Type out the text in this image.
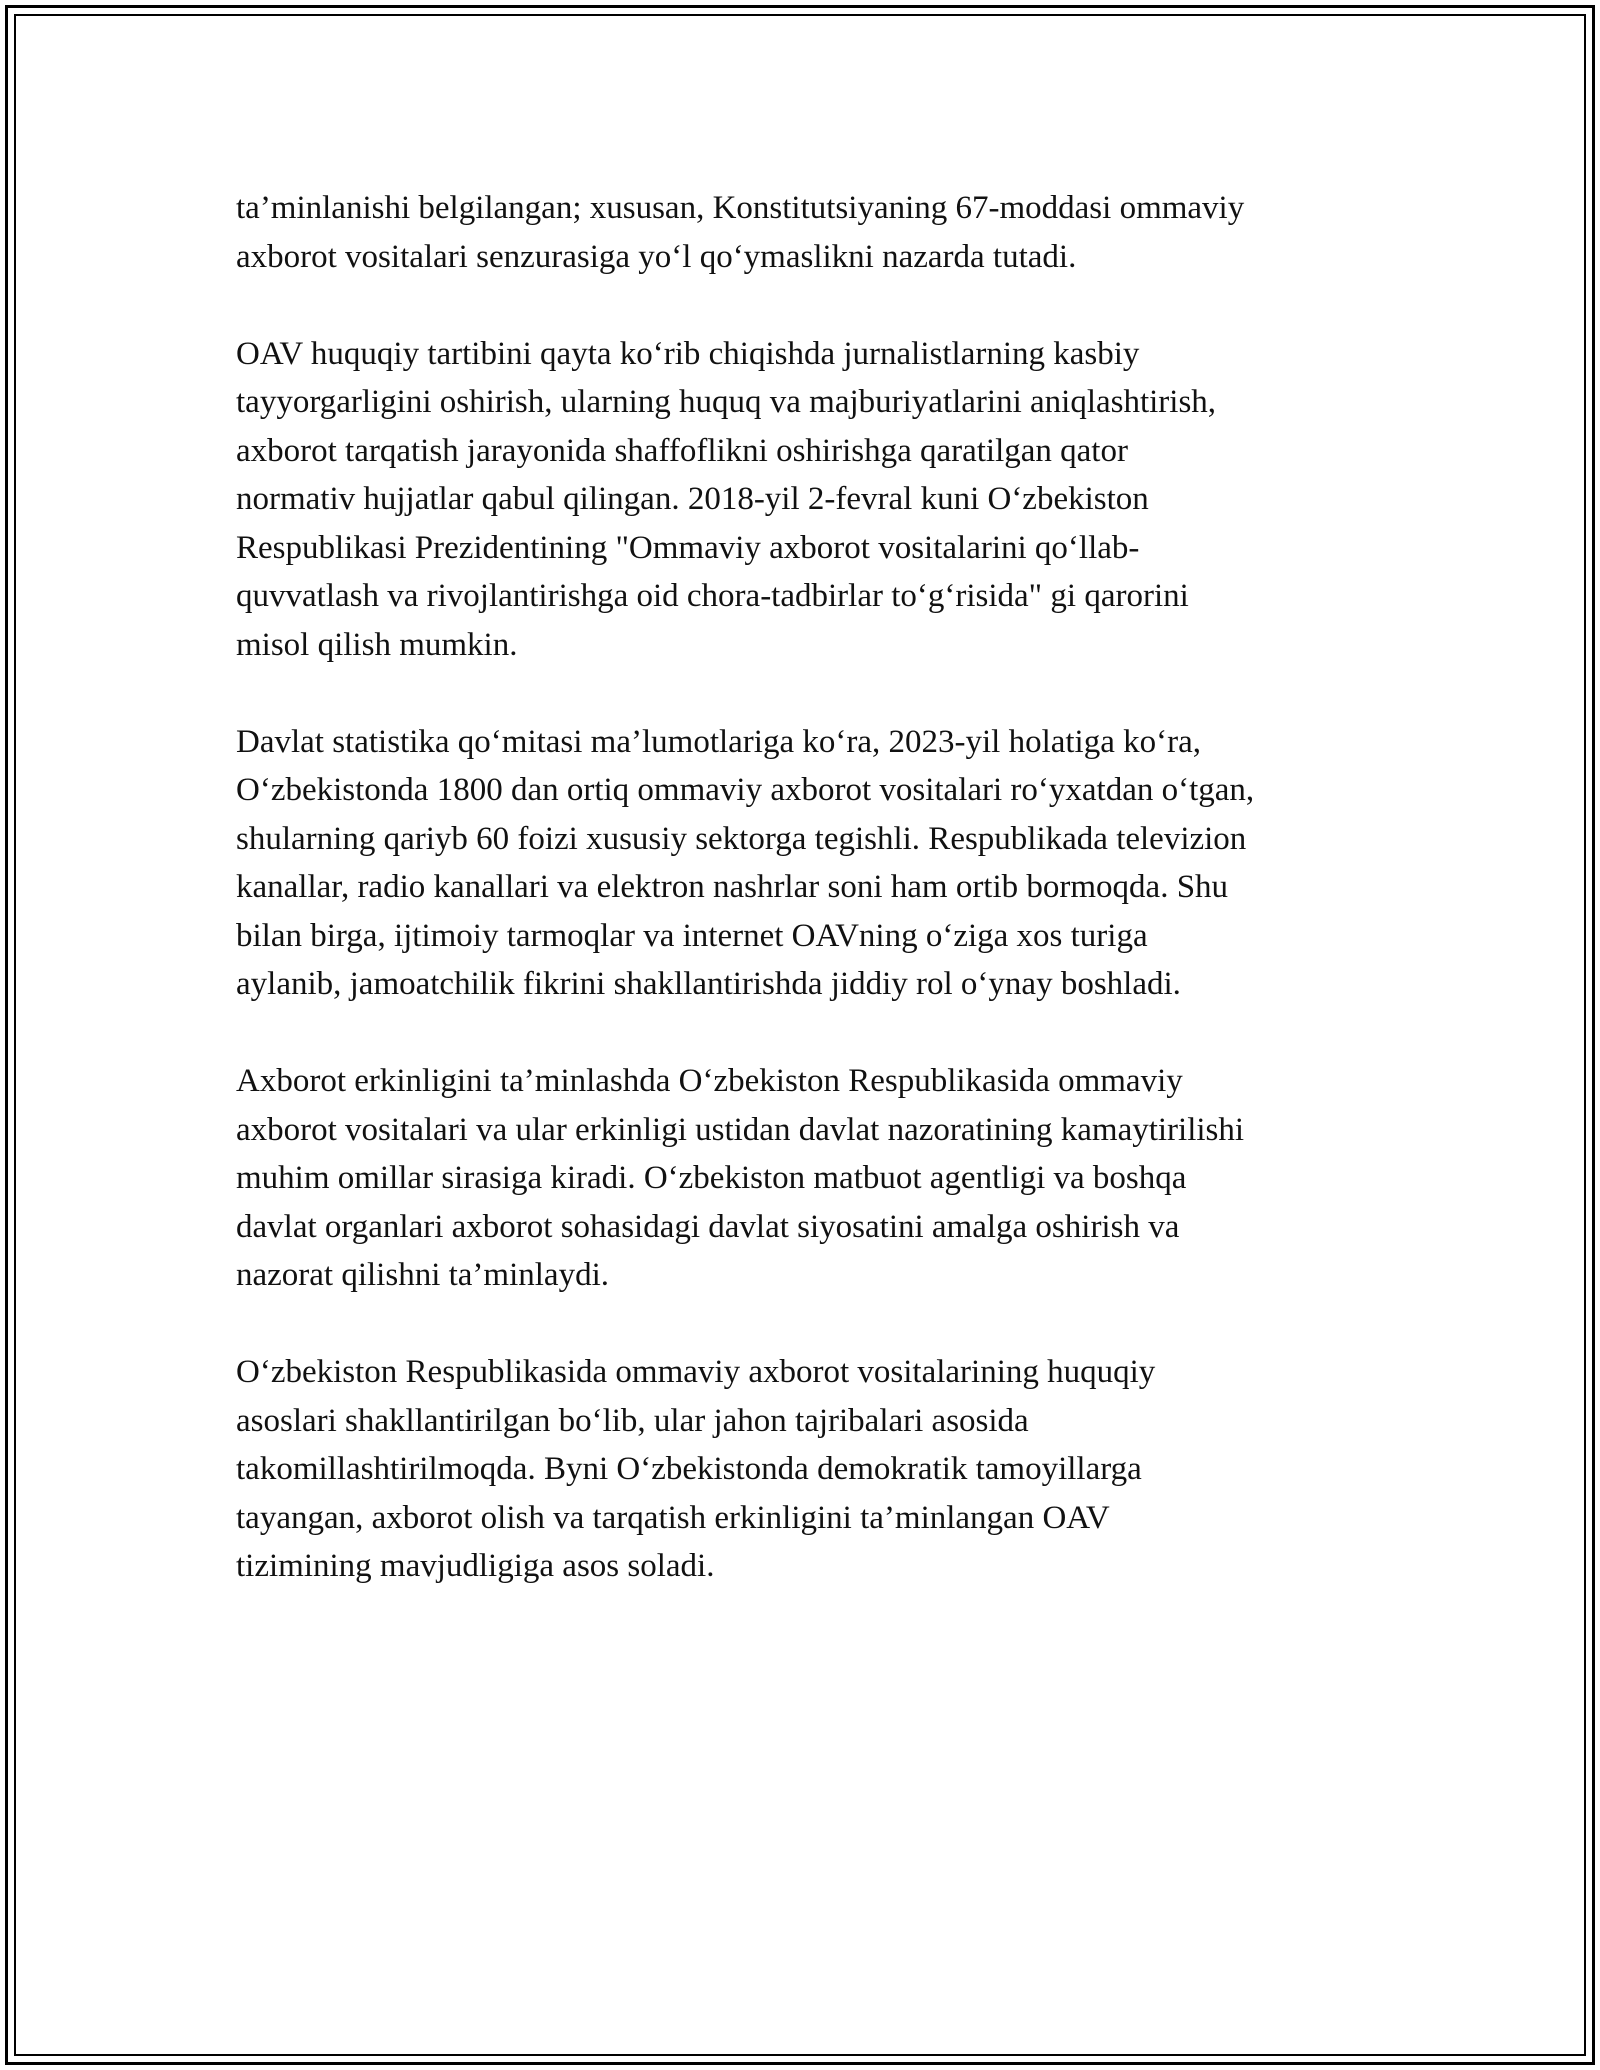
ta’minlanishi belgilangan; xususan, Konstitutsiyaning 67-moddasi ommaviy
axborot vositalari senzurasiga yo‘l qo‘ymaslikni nazarda tutadi.

OAV huquqiy tartibini qayta ko‘rib chiqishda jurnalistlarning kasbiy
tayyorgarligini oshirish, ularning huquq va majburiyatlarini aniqlashtirish,
axborot tarqatish jarayonida shaffoflikni oshirishga qaratilgan qator
normativ hujjatlar qabul qilingan. 2018-yil 2-fevral kuni O‘zbekiston
Respublikasi Prezidentining "Ommaviy axborot vositalarini qo‘llab-
quvvatlash va rivojlantirishga oid chora-tadbirlar to‘g‘risida" gi qarorini
misol qilish mumkin.

Davlat statistika qo‘mitasi ma’lumotlariga ko‘ra, 2023-yil holatiga ko‘ra,
O‘zbekistonda 1800 dan ortiq ommaviy axborot vositalari ro‘yxatdan o‘tgan,
shularning qariyb 60 foizi xususiy sektorga tegishli. Respublikada televizion
kanallar, radio kanallari va elektron nashrlar soni ham ortib bormoqda. Shu
bilan birga, ijtimoiy tarmoqlar va internet OAVning o‘ziga xos turiga
aylanib, jamoatchilik fikrini shakllantirishda jiddiy rol o‘ynay boshladi.

Axborot erkinligini ta’minlashda O‘zbekiston Respublikasida ommaviy
axborot vositalari va ular erkinligi ustidan davlat nazoratining kamaytirilishi
muhim omillar sirasiga kiradi. O‘zbekiston matbuot agentligi va boshqa
davlat organlari axborot sohasidagi davlat siyosatini amalga oshirish va
nazorat qilishni ta’minlaydi.

O‘zbekiston Respublikasida ommaviy axborot vositalarining huquqiy
asoslari shakllantirilgan bo‘lib, ular jahon tajribalari asosida
takomillashtirilmoqda. Byni O‘zbekistonda demokratik tamoyillarga
tayangan, axborot olish va tarqatish erkinligini ta’minlangan OAV
tizimining mavjudligiga asos soladi.
